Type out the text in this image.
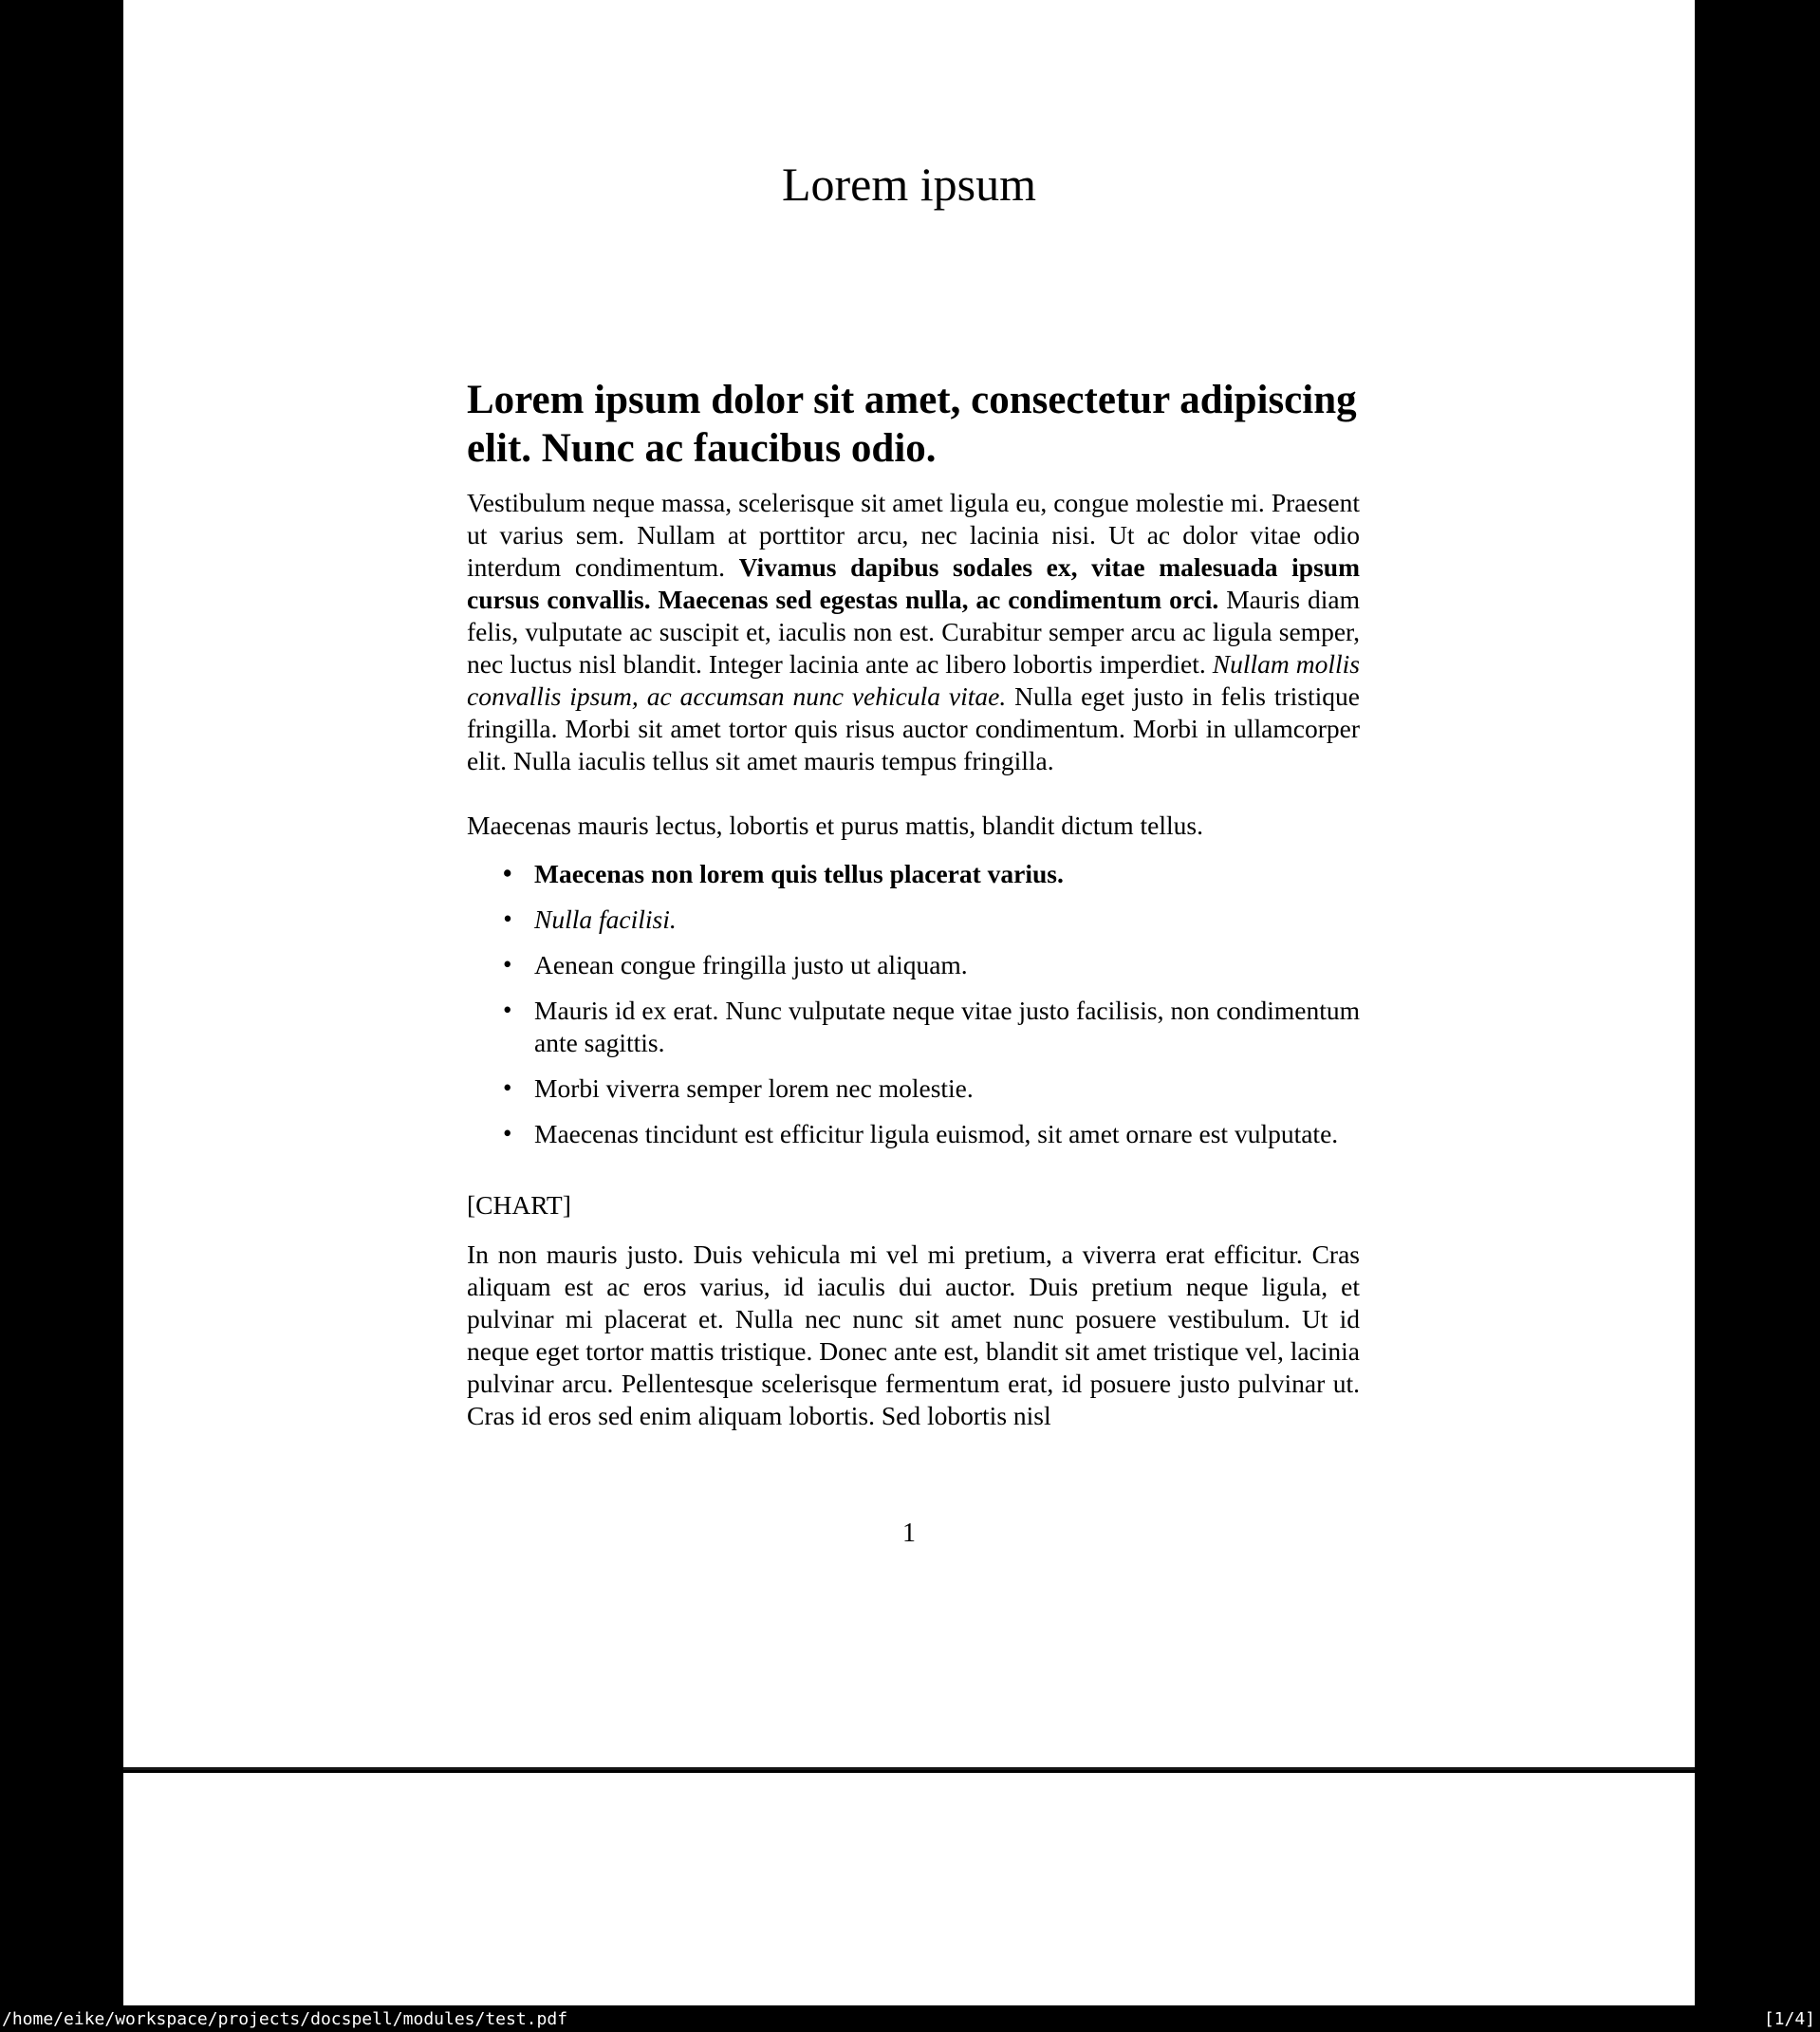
Lorem ipsum
Lorem ipsum dolor sit amet, consectetur adipiscing elit. Nunc ac faucibus odio.

Vestibulum neque massa, scelerisque sit amet ligula eu, congue molestie mi. Praesent ut varius sem. Nullam at porttitor arcu, nec lacinia nisi. Ut ac dolor vitae odio interdum condimentum. Vivamus dapibus sodales ex, vitae malesuada ipsum cursus convallis. Maecenas sed egestas nulla, ac condimentum orci. Mauris diam felis, vulputate ac suscipit et, iaculis non est. Curabitur semper arcu ac ligula semper, nec luctus nisl blandit. Integer lacinia ante ac libero lobortis imperdiet. Nullam mollis convallis ipsum, ac accumsan nunc vehicula vitae. Nulla eget justo in felis tristique fringilla. Morbi sit amet tortor quis risus auctor condimentum. Morbi in ullamcorper elit. Nulla iaculis tellus sit amet mauris tempus fringilla.

Maecenas mauris lectus, lobortis et purus mattis, blandit dictum tellus.

• Maecenas non lorem quis tellus placerat varius.
• Nulla facilisi.
• Aenean congue fringilla justo ut aliquam.
• Mauris id ex erat. Nunc vulputate neque vitae justo facilisis, non condimentum ante sagittis.
• Morbi viverra semper lorem nec molestie.
• Maecenas tincidunt est efficitur ligula euismod, sit amet ornare est vulputate.

[CHART]

In non mauris justo. Duis vehicula mi vel mi pretium, a viverra erat efficitur. Cras aliquam est ac eros varius, id iaculis dui auctor. Duis pretium neque ligula, et pulvinar mi placerat et. Nulla nec nunc sit amet nunc posuere vestibulum. Ut id neque eget tortor mattis tristique. Donec ante est, blandit sit amet tristique vel, lacinia pulvinar arcu. Pellentesque scelerisque fermentum erat, id posuere justo pulvinar ut. Cras id eros sed enim aliquam lobortis. Sed lobortis nisl

1
/home/eike/workspace/projects/docspell/modules/test.pdf	[1/4]
